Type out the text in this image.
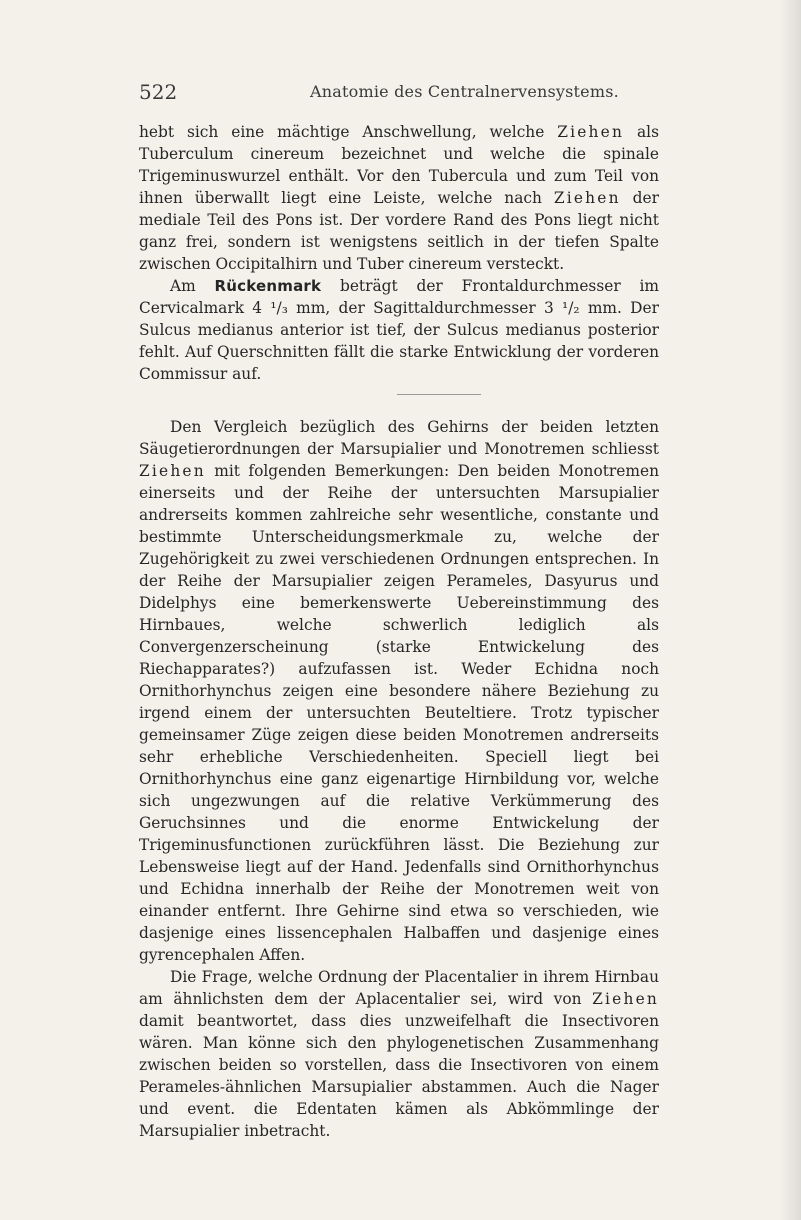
522	Anatomie des Centralnervensystems.

hebt sich eine mächtige Anschwellung, welche Ziehen als Tuberculum cinereum bezeichnet und welche die spinale Trigeminuswurzel enthält. Vor den Tubercula und zum Teil von ihnen überwallt liegt eine Leiste, welche nach Ziehen der mediale Teil des Pons ist. Der vordere Rand des Pons liegt nicht ganz frei, sondern ist wenigstens seitlich in der tiefen Spalte zwischen Occipitalhirn und Tuber cinereum versteckt.

Am Rückenmark beträgt der Frontaldurchmesser im Cervicalmark 4 ¹/₃ mm, der Sagittaldurchmesser 3 ¹/₂ mm. Der Sulcus medianus anterior ist tief, der Sulcus medianus posterior fehlt. Auf Querschnitten fällt die starke Entwicklung der vorderen Commissur auf.

Den Vergleich bezüglich des Gehirns der beiden letzten Säugetierordnungen der Marsupialier und Monotremen schliesst Ziehen mit folgenden Bemerkungen: Den beiden Monotremen einerseits und der Reihe der untersuchten Marsupialier andrerseits kommen zahlreiche sehr wesentliche, constante und bestimmte Unterscheidungsmerkmale zu, welche der Zugehörigkeit zu zwei verschiedenen Ordnungen entsprechen. In der Reihe der Marsupialier zeigen Perameles, Dasyurus und Didelphys eine bemerkenswerte Uebereinstimmung des Hirnbaues, welche schwerlich lediglich als Convergenzerscheinung (starke Entwickelung des Riechapparates?) aufzufassen ist. Weder Echidna noch Ornithorhynchus zeigen eine besondere nähere Beziehung zu irgend einem der untersuchten Beuteltiere. Trotz typischer gemeinsamer Züge zeigen diese beiden Monotremen andrerseits sehr erhebliche Verschiedenheiten. Speciell liegt bei Ornithorhynchus eine ganz eigenartige Hirnbildung vor, welche sich ungezwungen auf die relative Verkümmerung des Geruchsinnes und die enorme Entwickelung der Trigeminusfunctionen zurückführen lässt. Die Beziehung zur Lebensweise liegt auf der Hand. Jedenfalls sind Ornithorhynchus und Echidna innerhalb der Reihe der Monotremen weit von einander entfernt. Ihre Gehirne sind etwa so verschieden, wie dasjenige eines lissencephalen Halbaffen und dasjenige eines gyrencephalen Affen.

Die Frage, welche Ordnung der Placentalier in ihrem Hirnbau am ähnlichsten dem der Aplacentalier sei, wird von Ziehen damit beantwortet, dass dies unzweifelhaft die Insectivoren wären. Man könne sich den phylogenetischen Zusammenhang zwischen beiden so vorstellen, dass die Insectivoren von einem Perameles-ähnlichen Marsupialier abstammen. Auch die Nager und event. die Edentaten kämen als Abkömmlinge der Marsupialier inbetracht.
